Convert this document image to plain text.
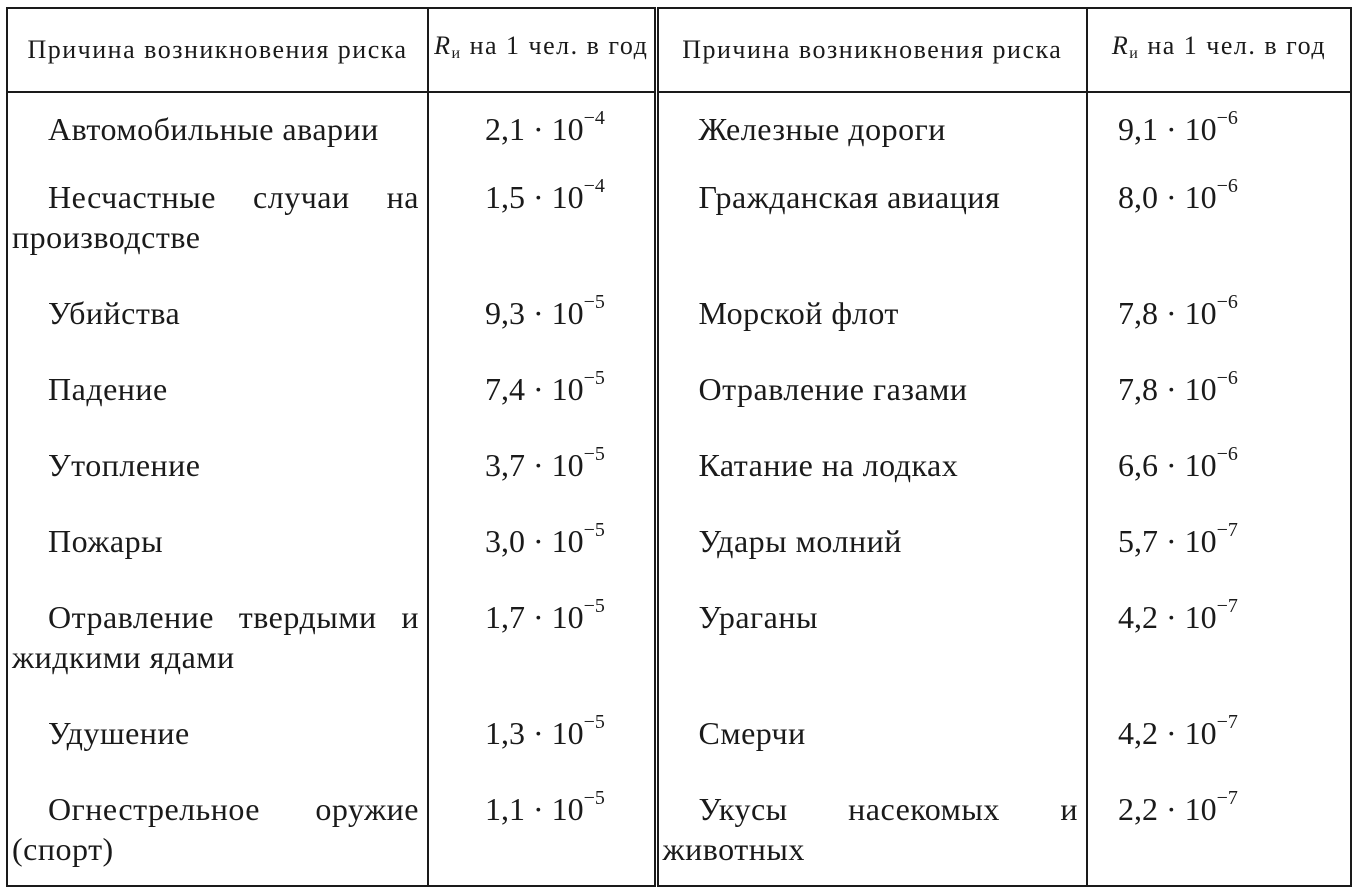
Причина возникновения риска	Rи на 1 чел. в год	Причина возникновения риска	Rи на 1 чел. в год
Автомобильные аварии	$2,1 \cdot 10^{-4}$	Железные дороги	$9,1 \cdot 10^{-6}$
Несчастные случаи на производстве	$1,5 \cdot 10^{-4}$	Гражданская авиация	$8,0 \cdot 10^{-6}$
Убийства	$9,3 \cdot 10^{-5}$	Морской флот	$7,8 \cdot 10^{-6}$
Падение	$7,4 \cdot 10^{-5}$	Отравление газами	$7,8 \cdot 10^{-6}$
Утопление	$3,7 \cdot 10^{-5}$	Катание на лодках	$6,6 \cdot 10^{-6}$
Пожары	$3,0 \cdot 10^{-5}$	Удары молний	$5,7 \cdot 10^{-7}$
Отравление твердыми и жидкими ядами	$1,7 \cdot 10^{-5}$	Ураганы	$4,2 \cdot 10^{-7}$
Удушение	$1,3 \cdot 10^{-5}$	Смерчи	$4,2 \cdot 10^{-7}$
Огнестрельное оружие (спорт)	$1,1 \cdot 10^{-5}$	Укусы насекомых и животных	$2,2 \cdot 10^{-7}$
